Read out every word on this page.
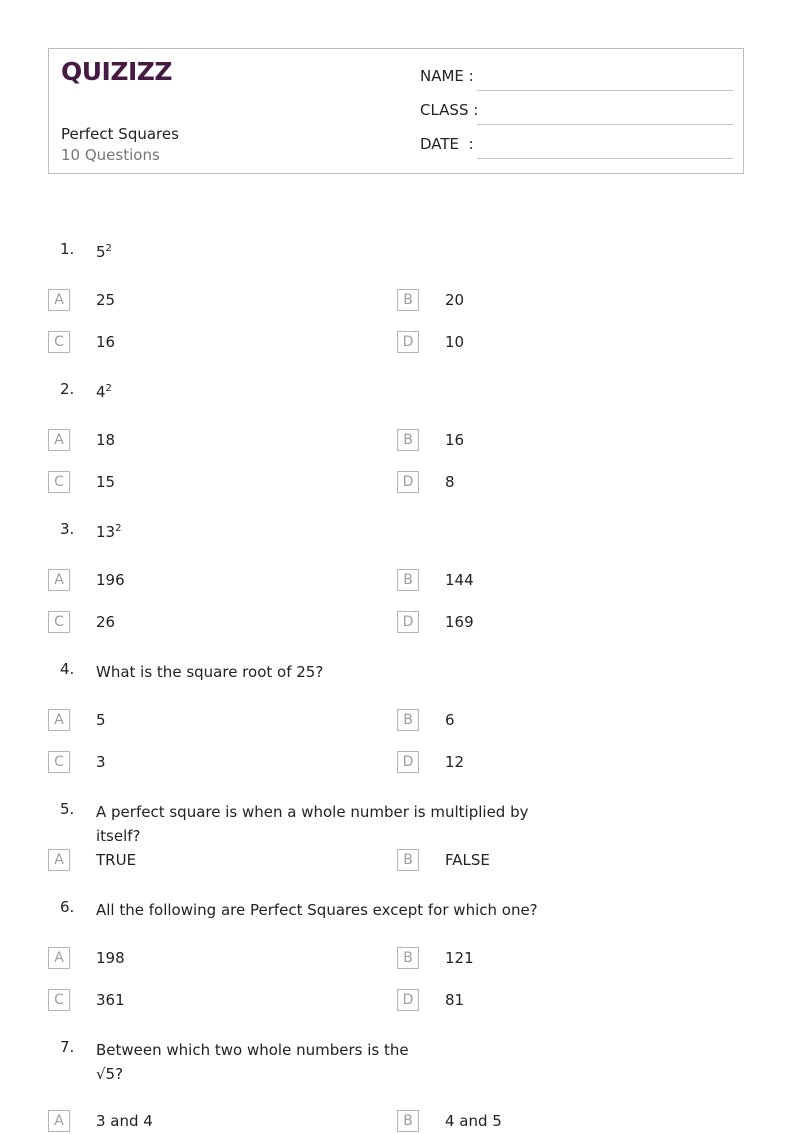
QUIZIZZ
Perfect Squares
10 Questions
NAME :
CLASS :
DATE  :
1. $5^2$
A	25	B	20
C	16	D	10
2. $4^2$
A	18	B	16
C	15	D	8
3. $13^2$
A	196	B	144
C	26	D	169
4. What is the square root of 25?
A	5	B	6
C	3	D	12
5. A perfect square is when a whole number is multiplied by itself?
A	TRUE	B	FALSE
6. All the following are Perfect Squares except for which one?
A	198	B	121
C	361	D	81
7. Between which two whole numbers is the √5?
A	3 and 4	B	4 and 5
